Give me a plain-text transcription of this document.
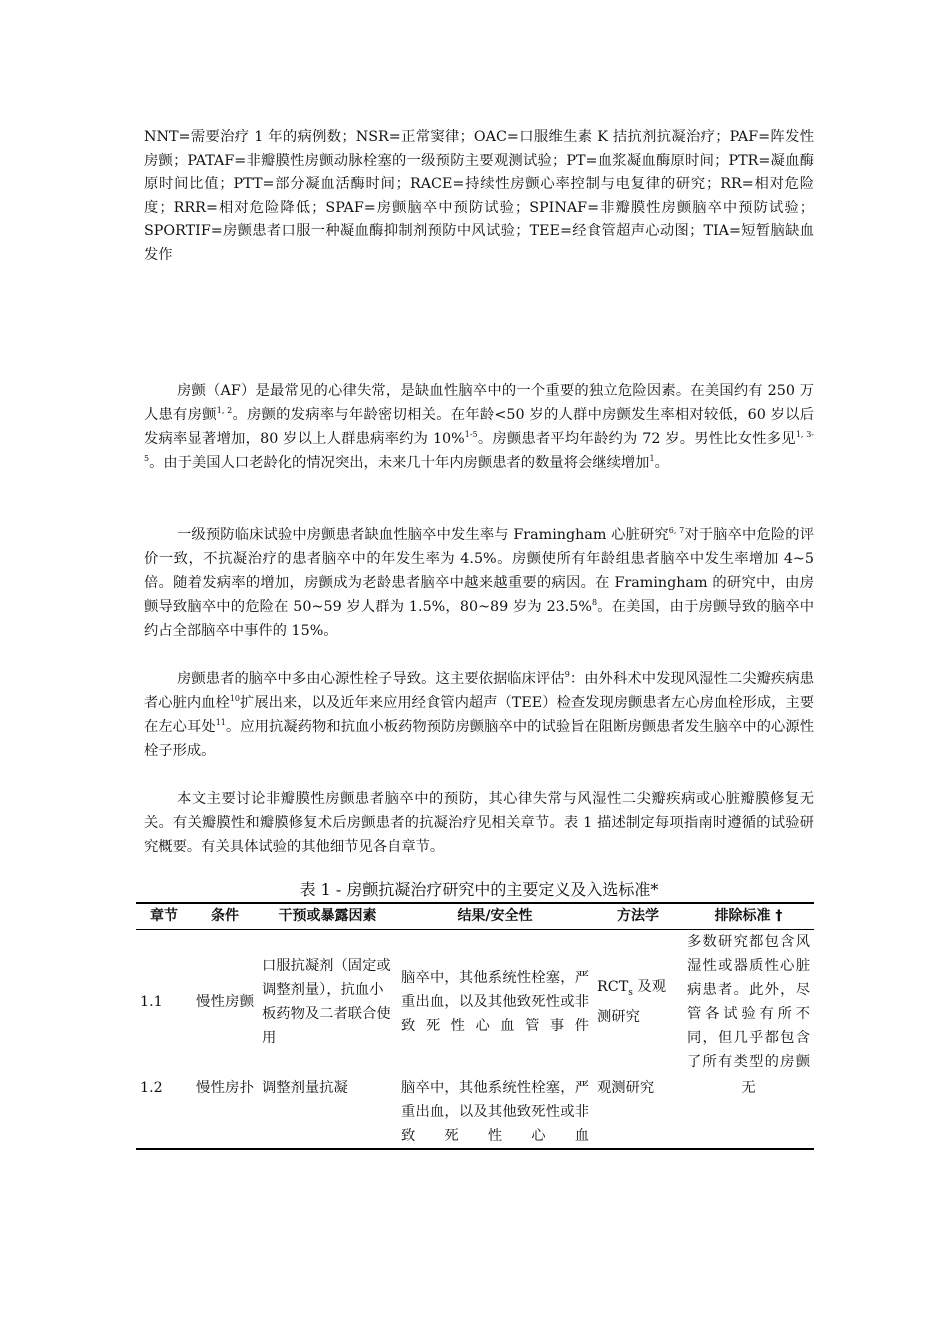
NNT=需要治疗 1 年的病例数；NSR=正常窦律；OAC=口服维生素 K 拮抗剂抗凝治疗；PAF=阵发性房颤；PATAF=非瓣膜性房颤动脉栓塞的一级预防主要观测试验；PT=血浆凝血酶原时间；PTR=凝血酶原时间比值；PTT=部分凝血活酶时间；RACE=持续性房颤心率控制与电复律的研究；RR=相对危险度；RRR=相对危险降低；SPAF=房颤脑卒中预防试验；SPINAF=非瓣膜性房颤脑卒中预防试验；SPORTIF=房颤患者口服一种凝血酶抑制剂预防中风试验；TEE=经食管超声心动图；TIA=短暂脑缺血发作

房颤（AF）是最常见的心律失常，是缺血性脑卒中的一个重要的独立危险因素。在美国约有 250 万人患有房颤$^{1, 2}$。房颤的发病率与年龄密切相关。在年龄<50 岁的人群中房颤发生率相对较低，60 岁以后发病率显著增加，80 岁以上人群患病率约为 10%$^{1-5}$。房颤患者平均年龄约为 72 岁。男性比女性多见$^{1, 3-5}$。由于美国人口老龄化的情况突出，未来几十年内房颤患者的数量将会继续增加$^1$。

一级预防临床试验中房颤患者缺血性脑卒中发生率与 Framingham 心脏研究$^{6, 7}$对于脑卒中危险的评价一致，不抗凝治疗的患者脑卒中的年发生率为 4.5%。房颤使所有年龄组患者脑卒中发生率增加 4~5 倍。随着发病率的增加，房颤成为老龄患者脑卒中越来越重要的病因。在 Framingham 的研究中，由房颤导致脑卒中的危险在 50~59 岁人群为 1.5%，80~89 岁为 23.5%$^8$。在美国，由于房颤导致的脑卒中约占全部脑卒中事件的 15%。

房颤患者的脑卒中多由心源性栓子导致。这主要依据临床评估$^9$：由外科术中发现风湿性二尖瓣疾病患者心脏内血栓$^{10}$扩展出来，以及近年来应用经食管内超声（TEE）检查发现房颤患者左心房血栓形成，主要在左心耳处$^{11}$。应用抗凝药物和抗血小板药物预防房颤脑卒中的试验旨在阻断房颤患者发生脑卒中的心源性栓子形成。

本文主要讨论非瓣膜性房颤患者脑卒中的预防，其心律失常与风湿性二尖瓣疾病或心脏瓣膜修复无关。有关瓣膜性和瓣膜修复术后房颤患者的抗凝治疗见相关章节。表 1 描述制定每项指南时遵循的试验研究概要。有关具体试验的其他细节见各自章节。

表 1 - 房颤抗凝治疗研究中的主要定义及入选标准*

章节	条件	干预或暴露因素	结果/安全性	方法学	排除标准 †
1.1	慢性房颤	口服抗凝剂（固定或调整剂量），抗血小板药物及二者联合使用	脑卒中，其他系统性栓塞，严重出血，以及其他致死性或非致死性心血管事件	$RCT_s$ 及观测研究	多数研究都包含风湿性或器质性心脏病患者。此外，尽管各试验有所不同，但几乎都包含了所有类型的房颤
1.2	慢性房扑	调整剂量抗凝	脑卒中，其他系统性栓塞，严重出血，以及其他致死性或非致死性心血	观测研究	无
